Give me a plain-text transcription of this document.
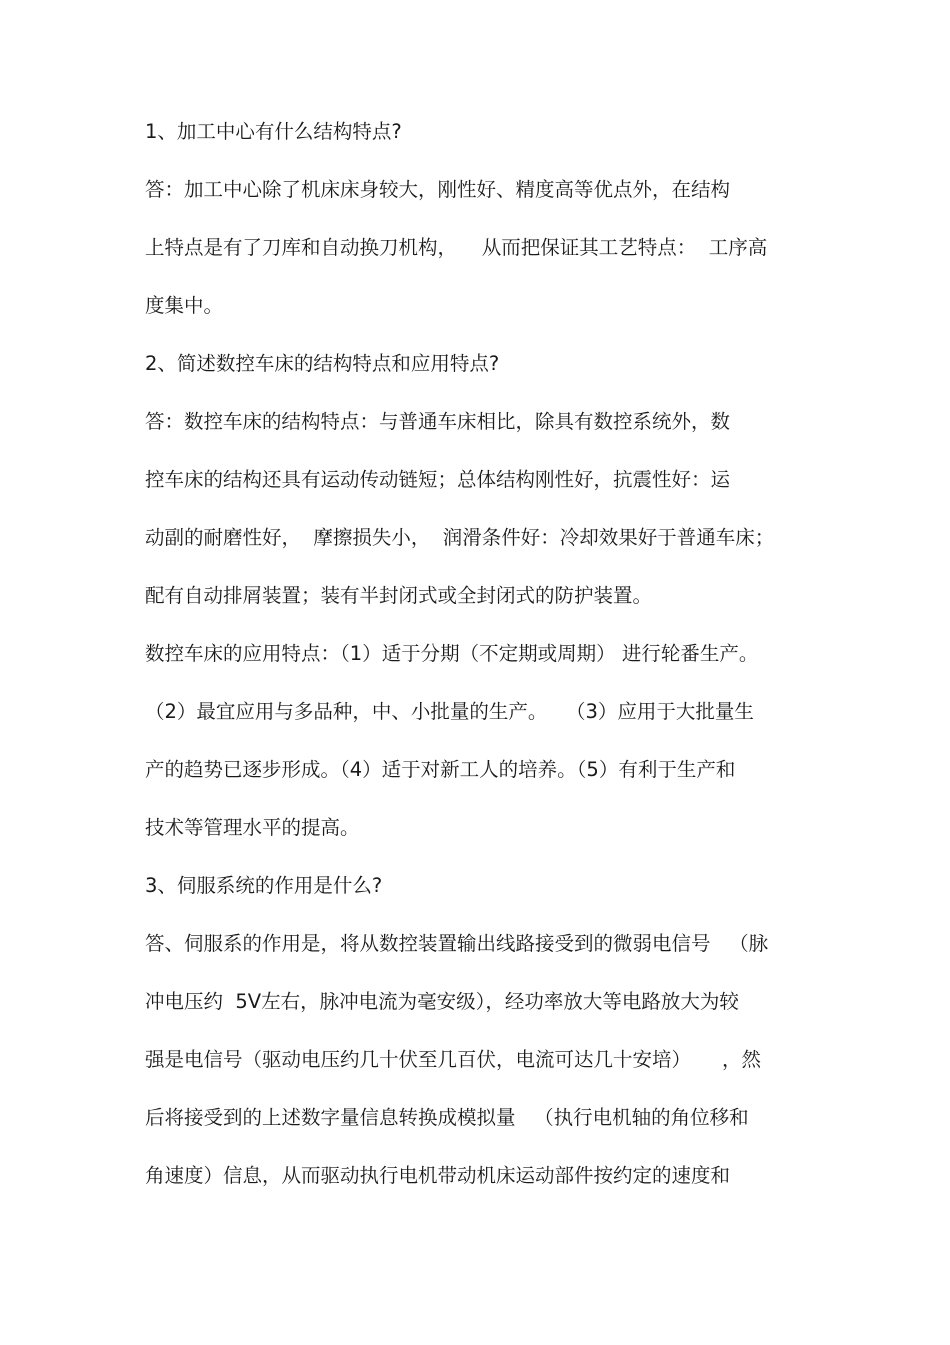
1、加工中心有什么结构特点?
答：加工中心除了机床床身较大，刚性好、精度高等优点外，在结构
上特点是有了刀库和自动换刀机构，    从而把保证其工艺特点：  工序高
度集中。
2、简述数控车床的结构特点和应用特点?
答：数控车床的结构特点：与普通车床相比，除具有数控系统外，数
控车床的结构还具有运动传动链短；总体结构刚性好，抗震性好：运
动副的耐磨性好，  摩擦损失小，  润滑条件好：冷却效果好于普通车床；
配有自动排屑装置；装有半封闭式或全封闭式的防护装置。
数控车床的应用特点：（1）适于分期（不定期或周期） 进行轮番生产。
（2）最宜应用与多品种，中、小批量的生产。   （3）应用于大批量生
产的趋势已逐步形成。（4）适于对新工人的培养。（5）有利于生产和
技术等管理水平的提高。
3、伺服系统的作用是什么?
答、伺服系的作用是，将从数控装置输出线路接受到的微弱电信号   （脉
冲电压约  5V左右，脉冲电流为毫安级），经功率放大等电路放大为较
强是电信号（驱动电压约几十伏至几百伏，电流可达几十安培）     ，然
后将接受到的上述数字量信息转换成模拟量   （执行电机轴的角位移和
角速度）信息，从而驱动执行电机带动机床运动部件按约定的速度和
